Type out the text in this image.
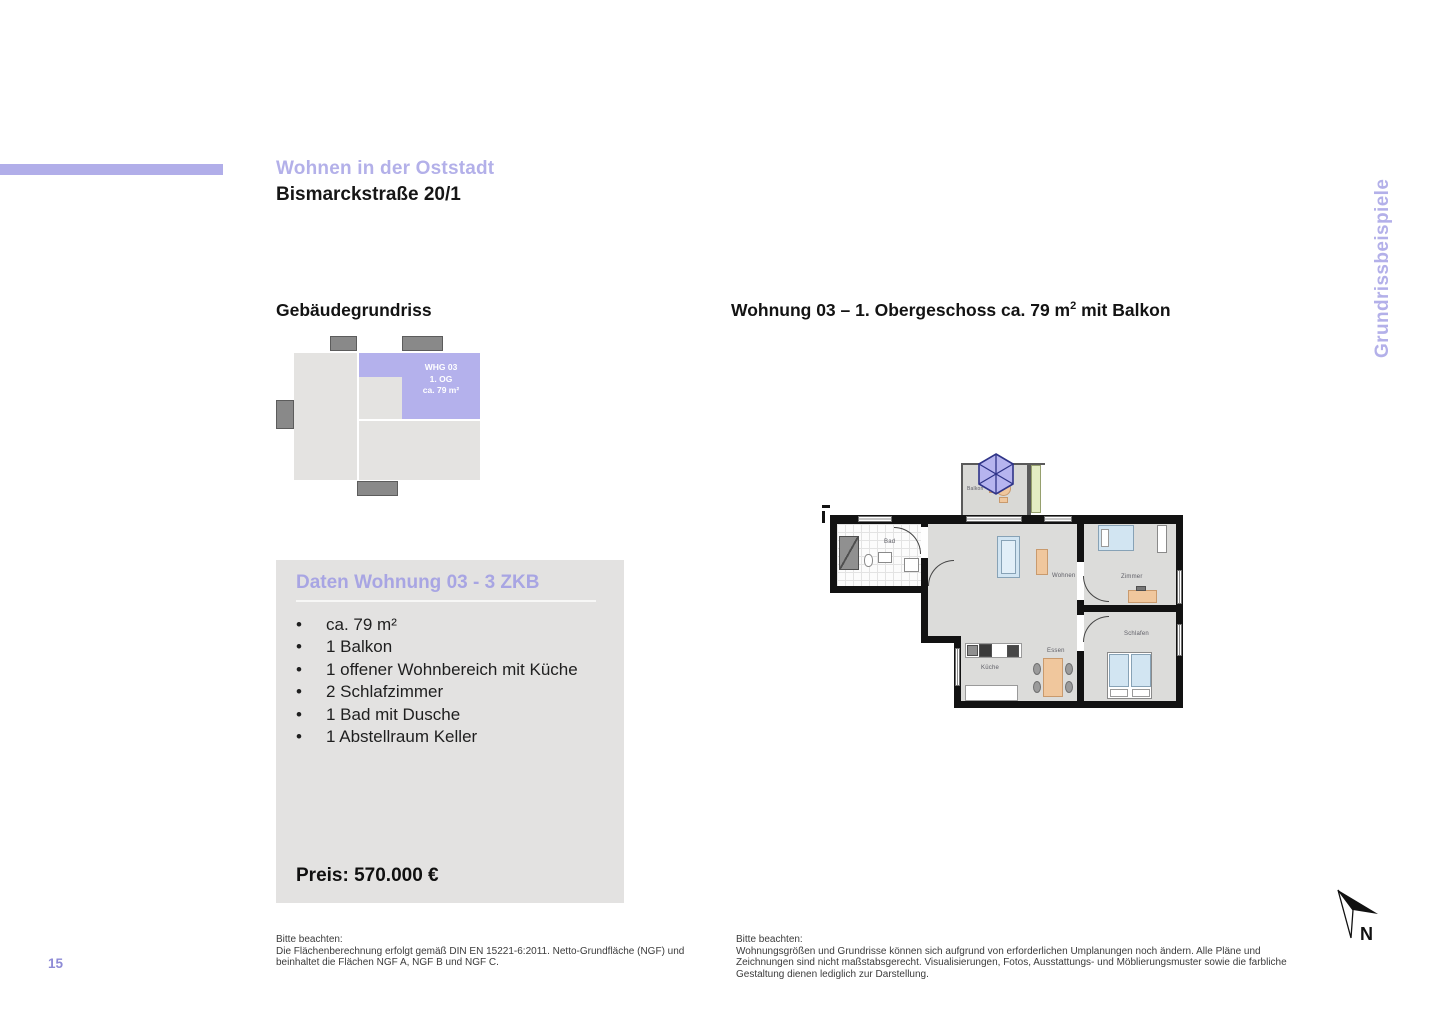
Wohnen in der Oststadt
Bismarckstraße 20/1	Grundrissbeispiele
Gebäudegrundriss	Wohnung 03 – 1. Obergeschoss ca. 79 $m^2$ mit Balkon
WHG 03
1. OG
ca. 79 m²
Daten Wohnung 03 - 3 ZKB
•	ca. 79 m²
•	1 Balkon
•	1 offener Wohnbereich mit Küche
•	2 Schlafzimmer
•	1 Bad mit Dusche
•	1 Abstellraum Keller
Preis: 570.000 €
Balkon
Bad
Wohnen	Zimmer
Schlafen
Essen
Küche
N
Bitte beachten:
Die Flächenberechnung erfolgt gemäß DIN EN 15221-6:2011. Netto-Grundfläche (NGF) und beinhaltet die Flächen NGF A, NGF B und NGF C.
Bitte beachten:
Wohnungsgrößen und Grundrisse können sich aufgrund von erforderlichen Umplanungen noch ändern. Alle Pläne und Zeichnungen sind nicht maßstabsgerecht. Visualisierungen, Fotos, Ausstattungs- und Möblierungsmuster sowie die farbliche Gestaltung dienen lediglich zur Darstellung.
15
